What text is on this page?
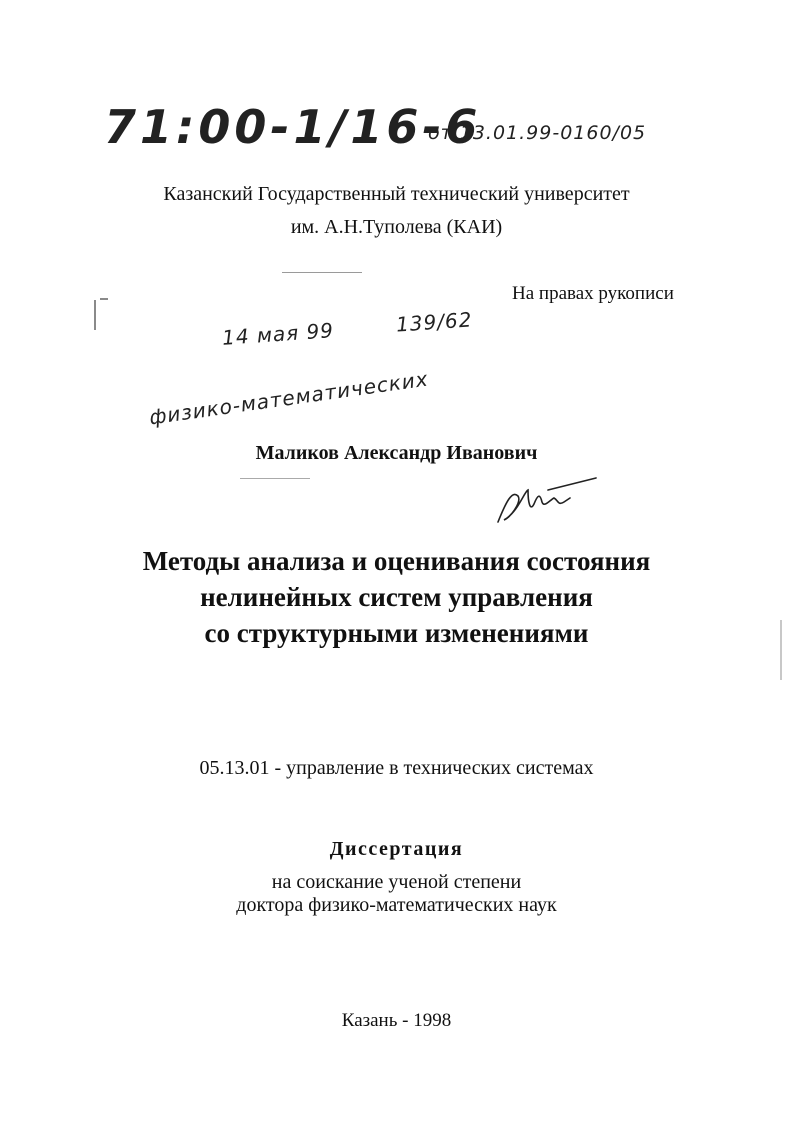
71:00-1/16-6
от 13.01.99-0160/05
Казанский Государственный технический университет
им. А.Н.Туполева (КАИ)
На правах рукописи
14 мая 99	139/62
физико-математических
Маликов Александр Иванович
Методы анализа и оценивания состояния
нелинейных систем управления
со структурными изменениями
05.13.01 - управление в технических системах
Диссертация
на соискание ученой степени
доктора физико-математических наук
Казань - 1998
